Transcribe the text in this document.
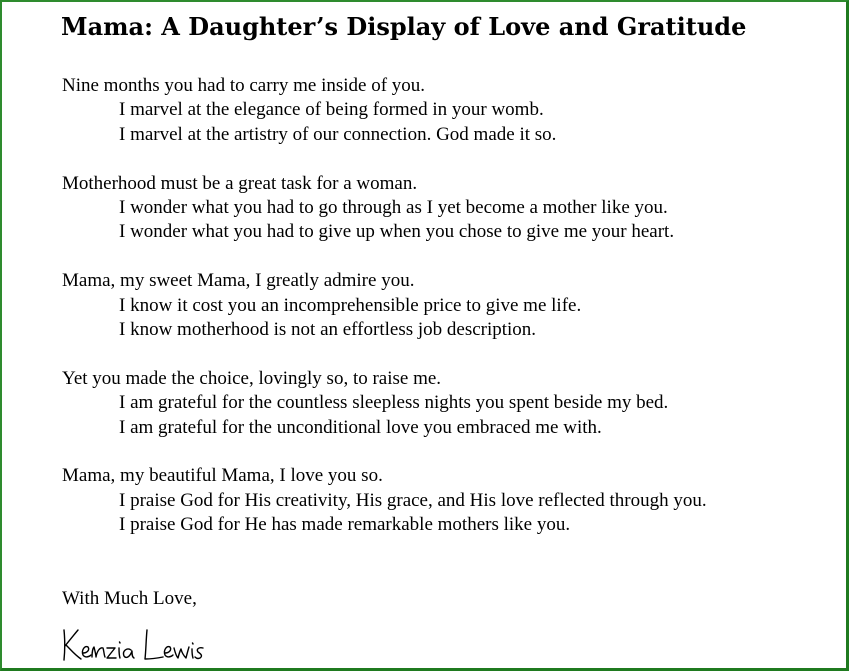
Mama: A Daughter’s Display of Love and Gratitude
Nine months you had to carry me inside of you.
I marvel at the elegance of being formed in your womb.
I marvel at the artistry of our connection. God made it so.
Motherhood must be a great task for a woman.
I wonder what you had to go through as I yet become a mother like you.
I wonder what you had to give up when you chose to give me your heart.
Mama, my sweet Mama, I greatly admire you.
I know it cost you an incomprehensible price to give me life.
I know motherhood is not an effortless job description.
Yet you made the choice, lovingly so, to raise me.
I am grateful for the countless sleepless nights you spent beside my bed.
I am grateful for the unconditional love you embraced me with.
Mama, my beautiful Mama, I love you so.
I praise God for His creativity, His grace, and His love reflected through you.
I praise God for He has made remarkable mothers like you.
With Much Love,
